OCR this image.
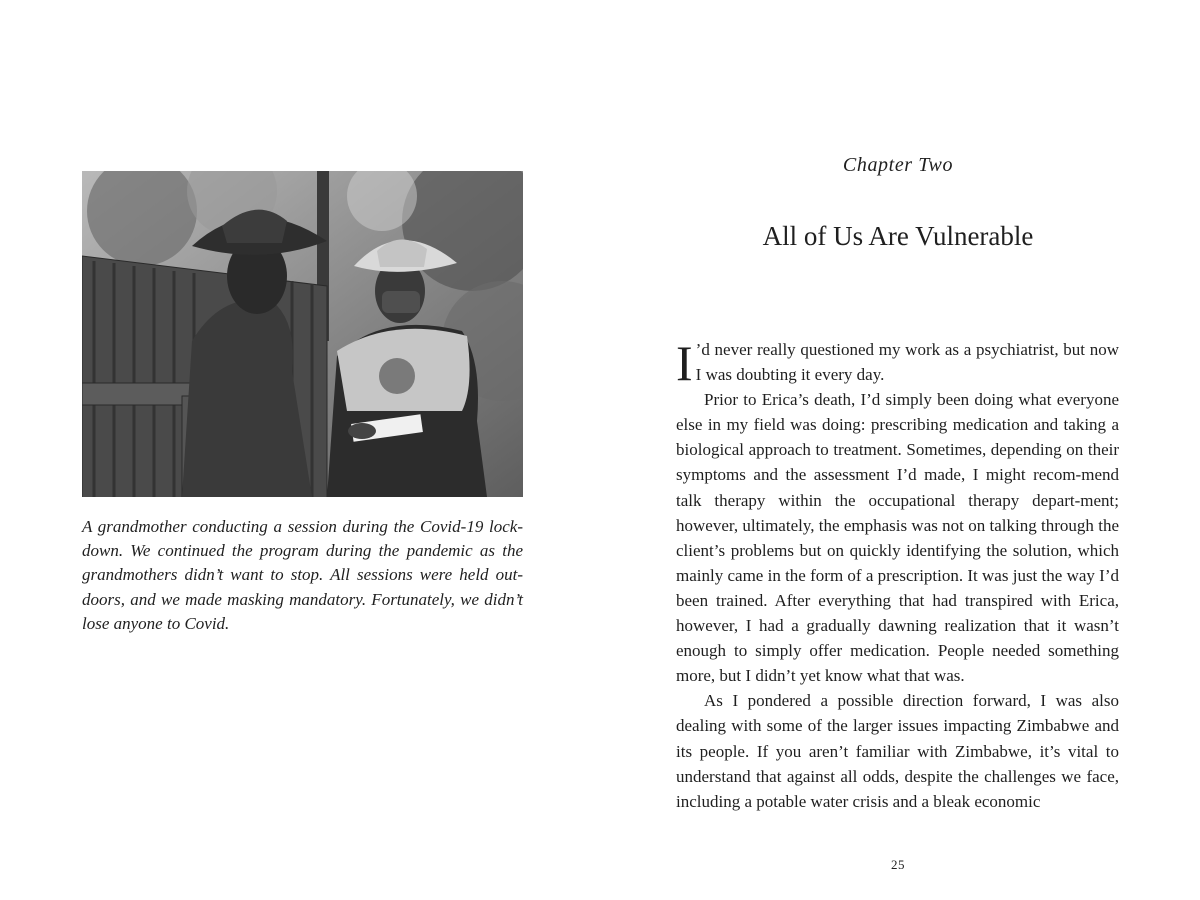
A grandmother conducting a session during the Covid-19 lock-down. We continued the program during the pandemic as the grandmothers didn’t want to stop. All sessions were held out-doors, and we made masking mandatory. Fortunately, we didn’t lose anyone to Covid.

Chapter Two

All of Us Are Vulnerable

I ’d never really questioned my work as a psychiatrist, but now I was doubting it every day.

Prior to Erica’s death, I’d simply been doing what everyone else in my field was doing: prescribing medication and taking a biological approach to treatment. Sometimes, depending on their symptoms and the assessment I’d made, I might recom-mend talk therapy within the occupational therapy depart-ment; however, ultimately, the emphasis was not on talking through the client’s problems but on quickly identifying the solution, which mainly came in the form of a prescription. It was just the way I’d been trained. After everything that had transpired with Erica, however, I had a gradually dawning realization that it wasn’t enough to simply offer medication. People needed something more, but I didn’t yet know what that was.

As I pondered a possible direction forward, I was also dealing with some of the larger issues impacting Zimbabwe and its people. If you aren’t familiar with Zimbabwe, it’s vital to understand that against all odds, despite the challenges we face, including a potable water crisis and a bleak economic

25
